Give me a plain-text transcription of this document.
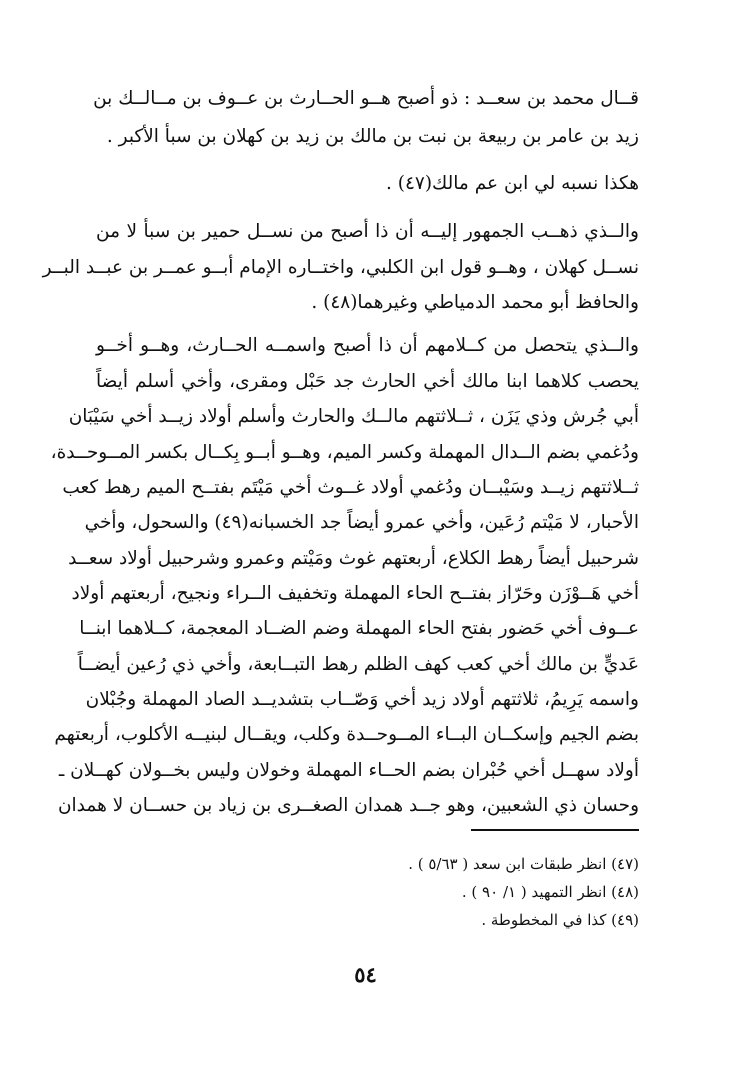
قــال محمد بن سعــد : ذو أصبح هــو الحــارث بن عــوف بن مــالــك بن
زيد بن عامر بن ربيعة بن نبت بن مالك بن زيد بن كهلان بن سبأ الأكبر .
هكذا نسبه لي ابن عم مالك(٤٧) .
والــذي ذهــب الجمهور إليــه أن ذا أصبح من نســل حمير بن سبأ لا من
نســل كهلان ، وهــو قول ابن الكلبي، واختــاره الإمام أبــو عمــر بن عبــد البــر
والحافظ أبو محمد الدمياطي وغيرهما(٤٨) .
والــذي يتحصل من كــلامهم أن ذا أصبح واسمــه الحــارث، وهــو أخــو
يحصب كلاهما ابنا مالك أخي الحارث جد حَبْل ومقرى، وأخي أسلم أيضاً
أبي جُرش وذي يَزَن ، ثــلاثتهم مالــك والحارث وأسلم أولاد زيــد أخي سَيْبَان
ودُغمي بضم الــدال المهملة وكسر الميم، وهــو أبــو بِكــال بكسر المــوحــدة،
ثــلاثتهم زيــد وسَيْبــان ودُغمي أولاد غــوث أخي مَيْتَم بفتــح الميم رهط كعب
الأحبار، لا مَيْتم رُعَين، وأخي عمرو أيضاً جد الخسبانه(٤٩) والسحول، وأخي
شرحبيل أيضاً رهط الكلاع، أربعتهم غوث ومَيْتم وعمرو وشرحبيل أولاد سعــد
أخي هَــوْزَن وحَرّاز بفتــح الحاء المهملة وتخفيف الــراء ونجيح، أربعتهم أولاد
عــوف أخي حَضور بفتح الحاء المهملة وضم الضــاد المعجمة، كــلاهما ابنــا
عَديٍّ بن مالك أخي كعب كهف الظلم رهط التبــابعة، وأخي ذي رُعين أيضــاً
واسمه يَرِيمُ، ثلاثتهم أولاد زيد أخي وَصّــاب بتشديــد الصاد المهملة وجُبْلان
بضم الجيم وإسكــان البــاء المــوحــدة وكلب، ويقــال لبنيــه الأكلوب، أربعتهم
أولاد سهــل أخي حُبْران بضم الحــاء المهملة وخولان وليس بخــولان كهــلان ـ
وحسان ذي الشعبين، وهو جــد همدان الصغــرى بن زياد بن حســان لا همدان
(٤٧) انظر طبقات ابن سعد ( ٥/٦٣ ) .
(٤٨) انظر التمهيد ( ١/ ٩٠ ) .
(٤٩) كذا في المخطوطة .
٥٤
